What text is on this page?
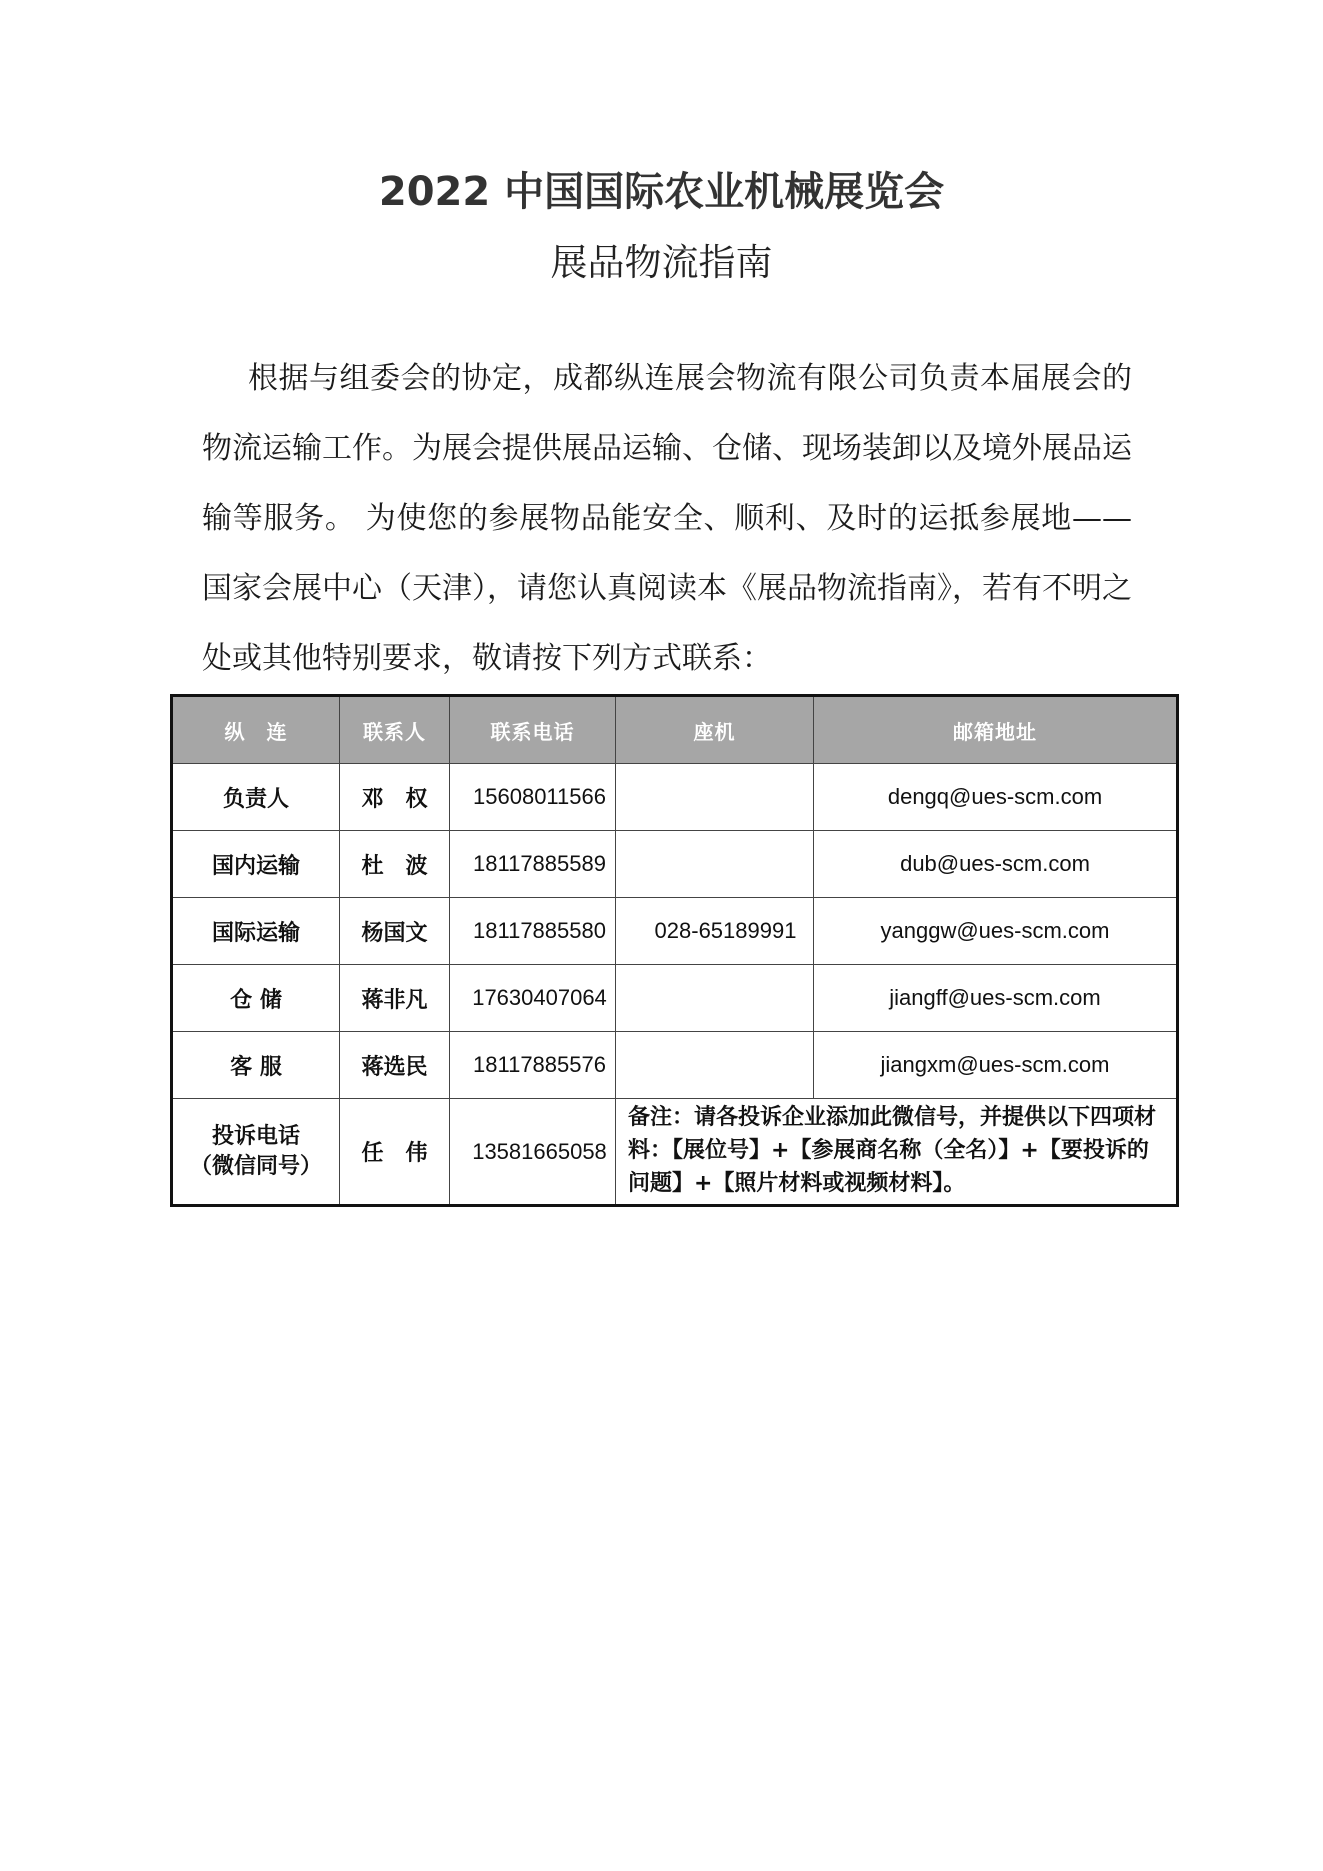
2022 中国国际农业机械展览会
展品物流指南

根据与组委会的协定，成都纵连展会物流有限公司负责本届展会的物流运输工作。为展会提供展品运输、仓储、现场装卸以及境外展品运输等服务。 为使您的参展物品能安全、顺利、及时的运抵参展地——国家会展中心（天津），请您认真阅读本《展品物流指南》，若有不明之处或其他特别要求，敬请按下列方式联系：

纵　连	联系人	联系电话	座机	邮箱地址
负责人	邓　权	15608011566		dengq@ues-scm.com
国内运输	杜　波	18117885589		dub@ues-scm.com
国际运输	杨国文	18117885580	028-65189991	yanggw@ues-scm.com
仓 储	蒋非凡	17630407064		jiangff@ues-scm.com
客 服	蒋选民	18117885576		jiangxm@ues-scm.com

投诉电话
（微信同号）	任　伟	13581665058	备注：请各投诉企业添加此微信号，并提供以下四项材料：【展位号】+【参展商名称（全名）】+【要投诉的问题】+【照片材料或视频材料】。	
